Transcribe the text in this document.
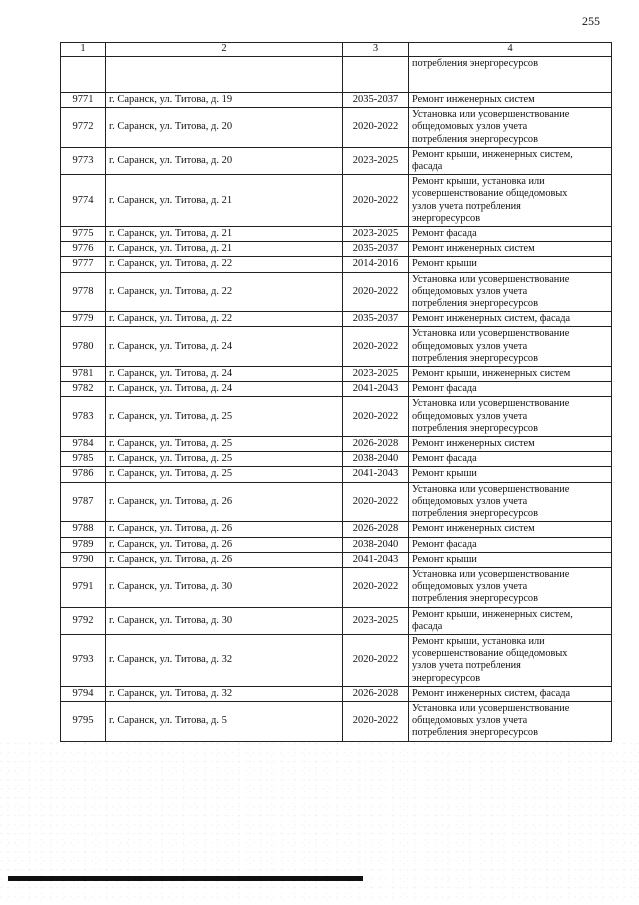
255
1	2	3	4

			потребления энергоресурсов

9771	г. Саранск, ул. Титова, д. 19	2035-2037	Ремонт инженерных систем

9772	г. Саранск, ул. Титова, д. 20	2020-2022	Установка или усовершенствование
общедомовых узлов учета
потребления энергоресурсов

9773	г. Саранск, ул. Титова, д. 20	2023-2025	Ремонт крыши, инженерных систем,
фасада

9774	г. Саранск, ул. Титова, д. 21	2020-2022	Ремонт крыши, установка или
усовершенствование общедомовых
узлов учета потребления
энергоресурсов

9775	г. Саранск, ул. Титова, д. 21	2023-2025	Ремонт фасада

9776	г. Саранск, ул. Титова, д. 21	2035-2037	Ремонт инженерных систем

9777	г. Саранск, ул. Титова, д. 22	2014-2016	Ремонт крыши

9778	г. Саранск, ул. Титова, д. 22	2020-2022	Установка или усовершенствование
общедомовых узлов учета
потребления энергоресурсов

9779	г. Саранск, ул. Титова, д. 22	2035-2037	Ремонт инженерных систем, фасада

9780	г. Саранск, ул. Титова, д. 24	2020-2022	Установка или усовершенствование
общедомовых узлов учета
потребления энергоресурсов

9781	г. Саранск, ул. Титова, д. 24	2023-2025	Ремонт крыши, инженерных систем

9782	г. Саранск, ул. Титова, д. 24	2041-2043	Ремонт фасада

9783	г. Саранск, ул. Титова, д. 25	2020-2022	Установка или усовершенствование
общедомовых узлов учета
потребления энергоресурсов

9784	г. Саранск, ул. Титова, д. 25	2026-2028	Ремонт инженерных систем

9785	г. Саранск, ул. Титова, д. 25	2038-2040	Ремонт фасада

9786	г. Саранск, ул. Титова, д. 25	2041-2043	Ремонт крыши

9787	г. Саранск, ул. Титова, д. 26	2020-2022	Установка или усовершенствование
общедомовых узлов учета
потребления энергоресурсов

9788	г. Саранск, ул. Титова, д. 26	2026-2028	Ремонт инженерных систем

9789	г. Саранск, ул. Титова, д. 26	2038-2040	Ремонт фасада

9790	г. Саранск, ул. Титова, д. 26	2041-2043	Ремонт крыши

9791	г. Саранск, ул. Титова, д. 30	2020-2022	Установка или усовершенствование
общедомовых узлов учета
потребления энергоресурсов

9792	г. Саранск, ул. Титова, д. 30	2023-2025	Ремонт крыши, инженерных систем,
фасада

9793	г. Саранск, ул. Титова, д. 32	2020-2022	Ремонт крыши, установка или
усовершенствование общедомовых
узлов учета потребления
энергоресурсов

9794	г. Саранск, ул. Титова, д. 32	2026-2028	Ремонт инженерных систем, фасада

9795	г. Саранск, ул. Титова, д. 5	2020-2022	Установка или усовершенствование
общедомовых узлов учета
потребления энергоресурсов
